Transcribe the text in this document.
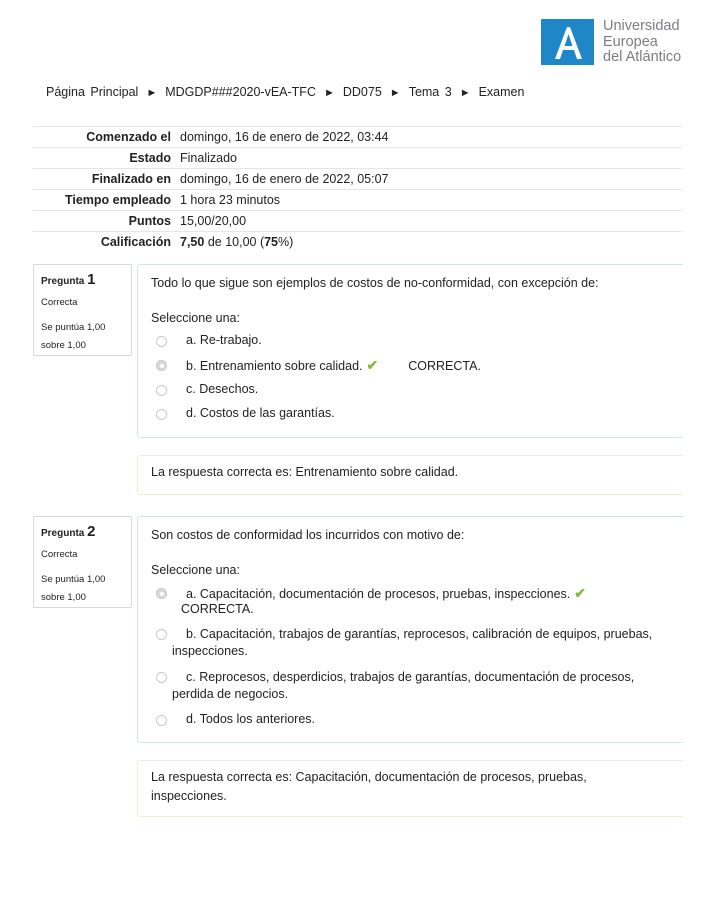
Universidad
Europea
del Atlántico
Página Principal ► MDGDP###2020-vEA-TFC ► DD075 ► Tema 3 ► Examen
Comenzado el domingo, 16 de enero de 2022, 03:44
Estado Finalizado
Finalizado en domingo, 16 de enero de 2022, 05:07
Tiempo empleado 1 hora 23 minutos
Puntos 15,00/20,00
Calificación 7,50 de 10,00 (75%)
Pregunta 1
Correcta
Se puntúa 1,00 sobre 1,00
Todo lo que sigue son ejemplos de costos de no-conformidad, con excepción de:
Seleccione una:
a. Re-trabajo.
b. Entrenamiento sobre calidad. ✔ CORRECTA.
c. Desechos.
d. Costos de las garantías.
La respuesta correcta es: Entrenamiento sobre calidad.
Pregunta 2
Correcta
Se puntúa 1,00 sobre 1,00
Son costos de conformidad los incurridos con motivo de:
Seleccione una:
a. Capacitación, documentación de procesos, pruebas, inspecciones. ✔
CORRECTA.
b. Capacitación, trabajos de garantías, reprocesos, calibración de equipos, pruebas, inspecciones.
c. Reprocesos, desperdicios, trabajos de garantías, documentación de procesos, perdida de negocios.
d. Todos los anteriores.
La respuesta correcta es: Capacitación, documentación de procesos, pruebas, inspecciones.
